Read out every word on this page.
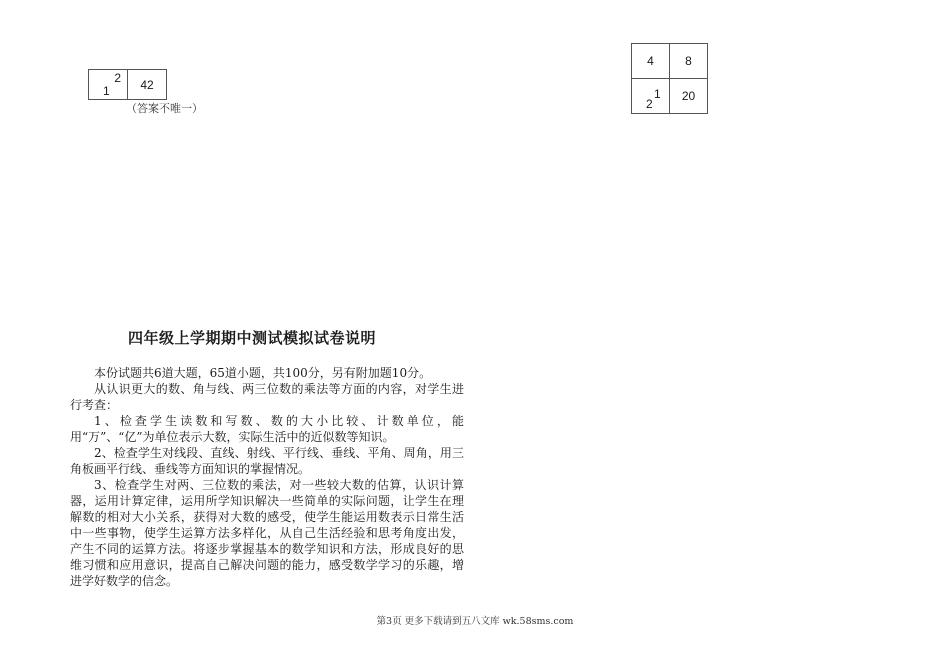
2
1	42
（答案不唯一）
4	8

1
2	20
四年级上学期期中测试模拟试卷说明

本份试题共6道大题，65道小题，共100分，另有附加题10分。

从认识更大的数、角与线、两三位数的乘法等方面的内容，对学生进行考查：

1、检查学生读数和写数、数的大小比较、计数单位，能用“万”、“亿”为单位表示大数，实际生活中的近似数等知识。

2、检查学生对线段、直线、射线、平行线、垂线、平角、周角，用三角板画平行线、垂线等方面知识的掌握情况。

3、检查学生对两、三位数的乘法，对一些较大数的估算，认识计算器，运用计算定律，运用所学知识解决一些简单的实际问题，让学生在理解数的相对大小关系，获得对大数的感受，使学生能运用数表示日常生活中一些事物，使学生运算方法多样化，从自己生活经验和思考角度出发，产生不同的运算方法。将逐步掌握基本的数学知识和方法，形成良好的思维习惯和应用意识，提高自己解决问题的能力，感受数学学习的乐趣，增进学好数学的信念。

第3页 更多下载请到五八文库 wk.58sms.com
